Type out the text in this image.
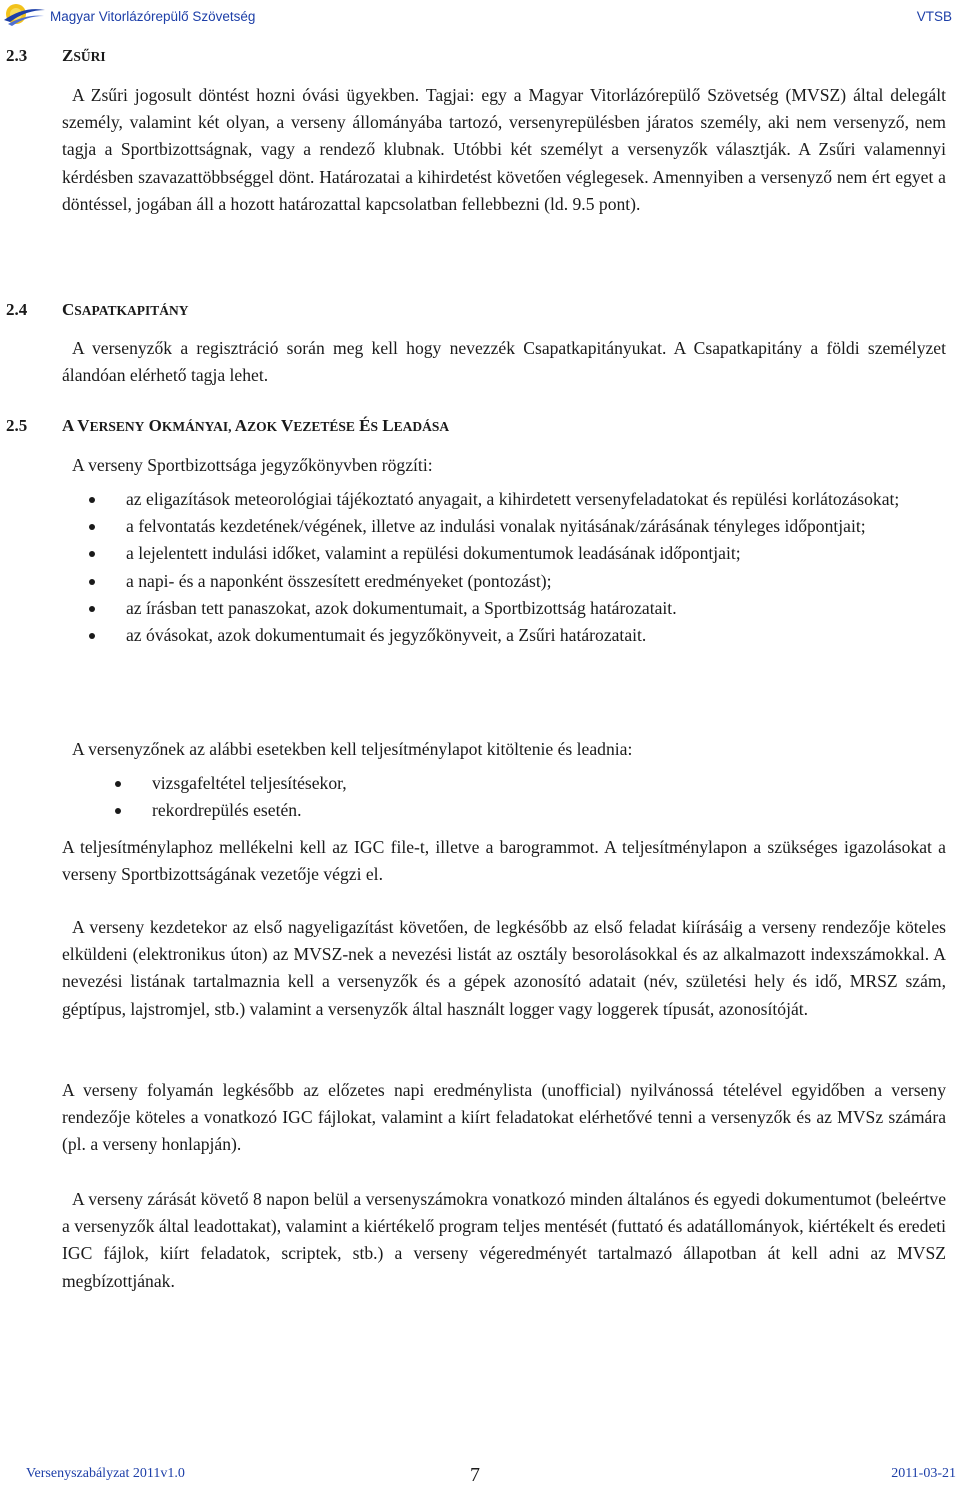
Magyar Vitorlázórepülő Szövetség	VTSB
2.3 ZSŰRI

A Zsűri jogosult döntést hozni óvási ügyekben. Tagjai: egy a Magyar Vitorlázórepülő Szövetség (MVSZ) által delegált személy, valamint két olyan, a verseny állományába tartozó, versenyrepülésben járatos személy, aki nem versenyző, nem tagja a Sportbizottságnak, vagy a rendező klubnak. Utóbbi két személyt a versenyzők választják. A Zsűri valamennyi kérdésben szavazattöbbséggel dönt. Határozatai a kihirdetést követően véglegesek. Amennyiben a versenyző nem ért egyet a döntéssel, jogában áll a hozott határozattal kapcsolatban fellebbezni (ld. 9.5 pont).

2.4 CSAPATKAPITÁNY

A versenyzők a regisztráció során meg kell hogy nevezzék Csapatkapitányukat. A Csapatkapitány a földi személyzet álandóan elérhető tagja lehet.

2.5 A VERSENY OKMÁNYAI, AZOK VEZETÉSE ÉS LEADÁSA

A verseny Sportbizottsága jegyzőkönyvben rögzíti:

az eligazítások meteorológiai tájékoztató anyagait, a kihirdetett versenyfeladatokat és repülési korlátozásokat;
a felvontatás kezdetének/végének, illetve az indulási vonalak nyitásának/zárásának tényleges időpontjait;
a lejelentett indulási időket, valamint a repülési dokumentumok leadásának időpontjait;
a napi- és a naponként összesített eredményeket (pontozást);
az írásban tett panaszokat, azok dokumentumait, a Sportbizottság határozatait.
az óvásokat, azok dokumentumait és jegyzőkönyveit, a Zsűri határozatait.

A versenyzőnek az alábbi esetekben kell teljesítménylapot kitöltenie és leadnia:

vizsgafeltétel teljesítésekor,
rekordrepülés esetén.

A teljesítménylaphoz mellékelni kell az IGC file-t, illetve a barogrammot. A teljesítménylapon a szükséges igazolásokat a verseny Sportbizottságának vezetője végzi el.

A verseny kezdetekor az első nagyeligazítást követően, de legkésőbb az első feladat kiírásáig a verseny rendezője köteles elküldeni (elektronikus úton) az MVSZ-nek a nevezési listát az osztály besorolásokkal és az alkalmazott indexszámokkal. A nevezési listának tartalmaznia kell a versenyzők és a gépek azonosító adatait (név, születési hely és idő, MRSZ szám, géptípus, lajstromjel, stb.) valamint a versenyzők által használt logger vagy loggerek típusát, azonosítóját.

A verseny folyamán legkésőbb az előzetes napi eredménylista (unofficial) nyilvánossá tételével egyidőben a verseny rendezője köteles a vonatkozó IGC fájlokat, valamint a kiírt feladatokat elérhetővé tenni a versenyzők és az MVSz számára (pl. a verseny honlapján).

A verseny zárását követő 8 napon belül a versenyszámokra vonatkozó minden általános és egyedi dokumentumot (beleértve a versenyzők által leadottakat), valamint a kiértékelő program teljes mentését (futtató és adatállományok, kiértékelt és eredeti IGC fájlok, kiírt feladatok, scriptek, stb.) a verseny végeredményét tartalmazó állapotban át kell adni az MVSZ megbízottjának.

Versenyszabályzat 2011v1.0	7	2011-03-21
